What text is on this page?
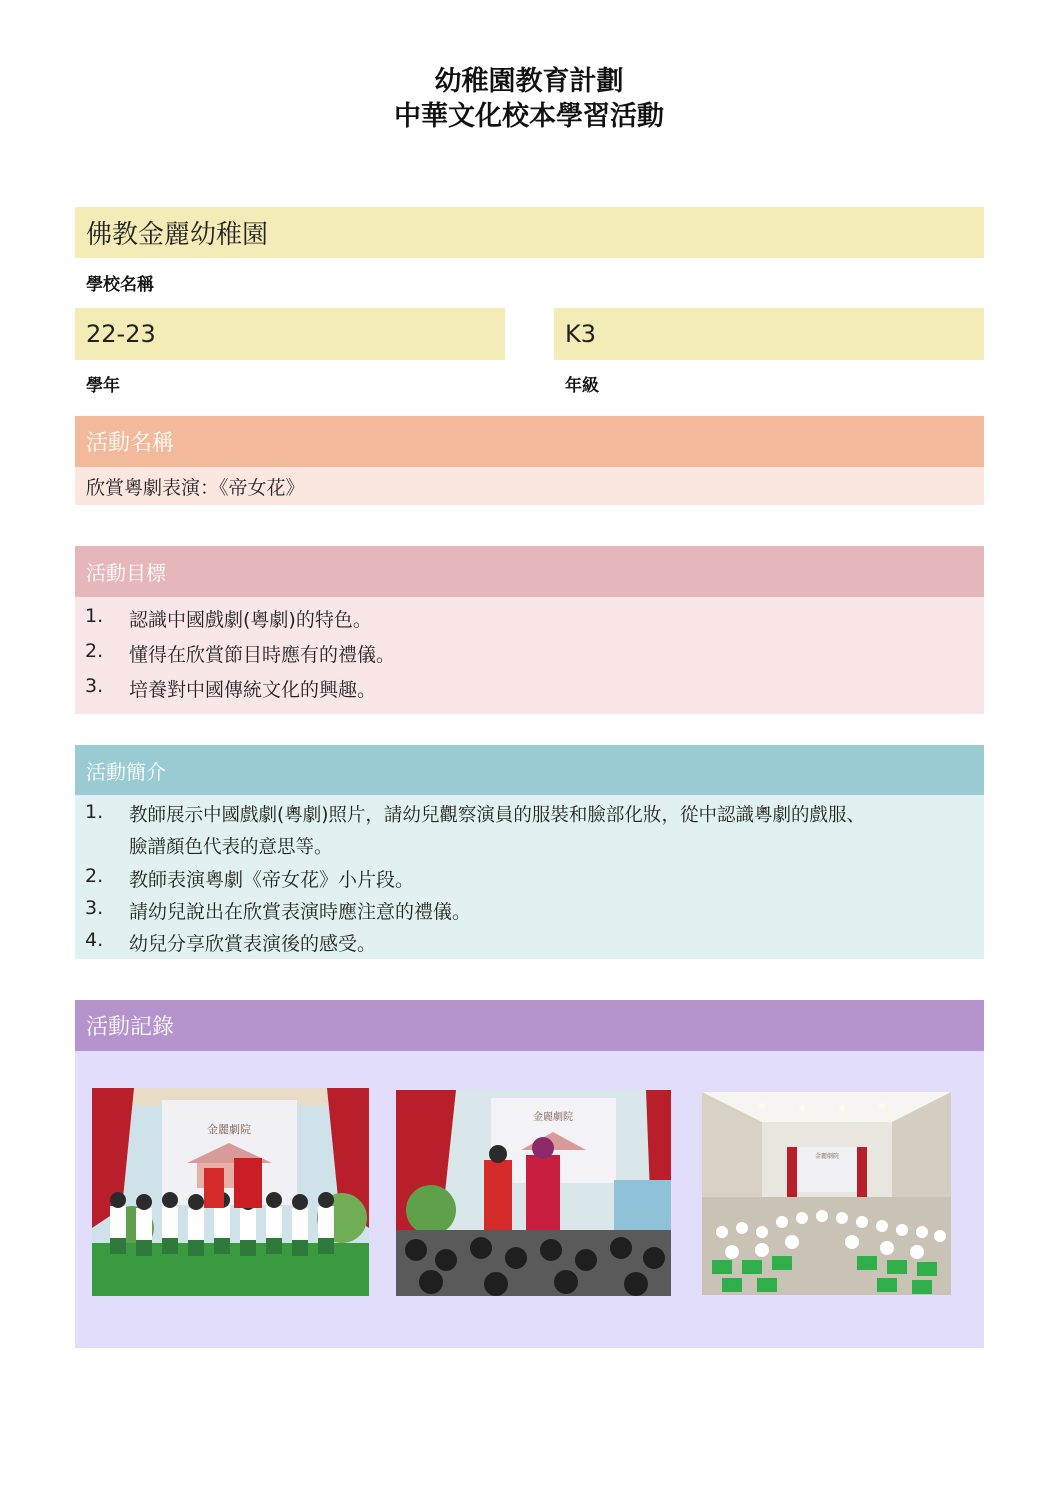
幼稚園教育計劃
中華文化校本學習活動
佛教金麗幼稚園
學校名稱
22-23
學年
K3
年級
活動名稱
欣賞粵劇表演：《帝女花》
活動目標
1. 認識中國戲劇(粵劇)的特色。
2. 懂得在欣賞節目時應有的禮儀。
3. 培養對中國傳統文化的興趣。
活動簡介
1. 教師展示中國戲劇(粵劇)照片，請幼兒觀察演員的服裝和臉部化妝，從中認識粵劇的戲服、
臉譜顏色代表的意思等。
2. 教師表演粵劇《帝女花》小片段。
3. 請幼兒說出在欣賞表演時應注意的禮儀。
4. 幼兒分享欣賞表演後的感受。
活動記錄
金麗劇院
金麗劇院
金麗劇院
